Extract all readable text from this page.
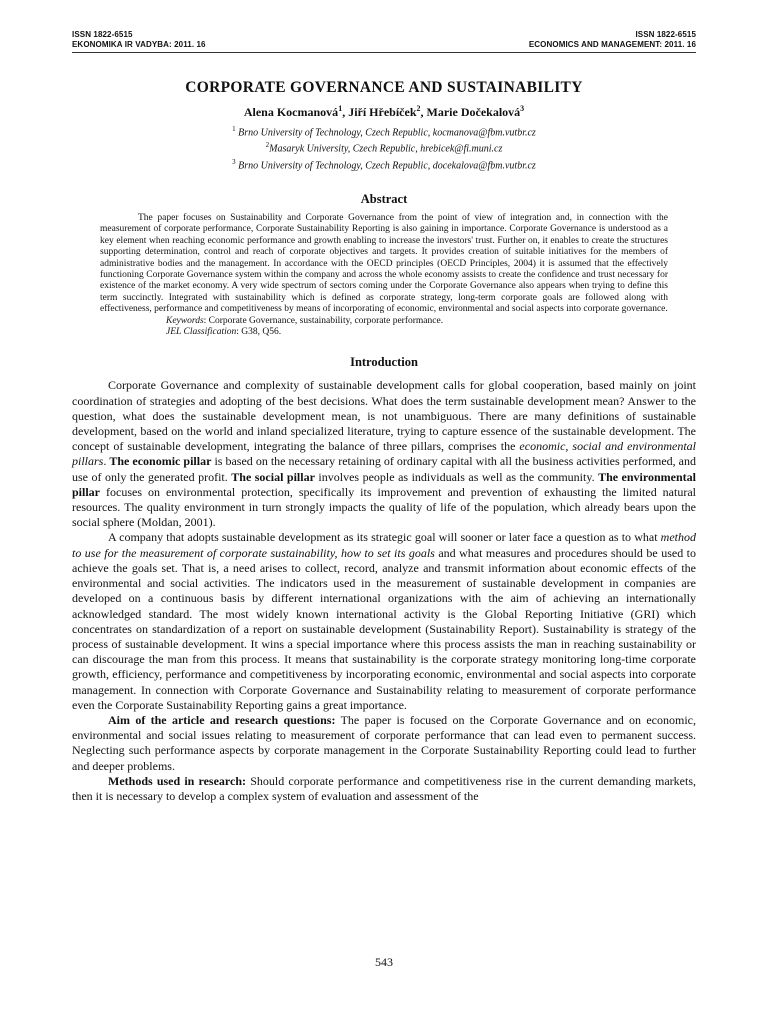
ISSN 1822-6515
EKONOMIKA IR VADYBA: 2011. 16
ISSN 1822-6515
ECONOMICS AND MANAGEMENT: 2011. 16
CORPORATE GOVERNANCE AND SUSTAINABILITY
Alena Kocmanová$^1$, Jiří Hřebíček$^2$, Marie Dočekalová$^3$
$^1$ Brno University of Technology, Czech Republic, kocmanova@fbm.vutbr.cz
$^2$Masaryk University, Czech Republic, hrebicek@fi.muni.cz
$^3$ Brno University of Technology, Czech Republic, docekalova@fbm.vutbr.cz
Abstract

The paper focuses on Sustainability and Corporate Governance from the point of view of integration and, in connection with the measurement of corporate performance, Corporate Sustainability Reporting is also gaining in importance. Corporate Governance is understood as a key element when reaching economic performance and growth enabling to increase the investors' trust. Further on, it enables to create the structures supporting determination, control and reach of corporate objectives and targets. It provides creation of suitable initiatives for the members of administrative bodies and the management. In accordance with the OECD principles (OECD Principles, 2004) it is assumed that the effectively functioning Corporate Governance system within the company and across the whole economy assists to create the confidence and trust necessary for existence of the market economy. A very wide spectrum of sectors coming under the Corporate Governance also appears when trying to define this term succinctly. Integrated with sustainability which is defined as corporate strategy, long-term corporate goals are followed along with effectiveness, performance and competitiveness by means of incorporating of economic, environmental and social aspects into corporate governance.

Keywords: Corporate Governance, sustainability, corporate performance.
JEL Classification: G38, Q56.
Introduction

Corporate Governance and complexity of sustainable development calls for global cooperation, based mainly on joint coordination of strategies and adopting of the best decisions. What does the term sustainable development mean? Answer to the question, what does the sustainable development mean, is not unambiguous. There are many definitions of sustainable development, based on the world and inland specialized literature, trying to capture essence of the sustainable development. The concept of sustainable development, integrating the balance of three pillars, comprises the economic, social and environmental pillars. The economic pillar is based on the necessary retaining of ordinary capital with all the business activities performed, and use of only the generated profit. The social pillar involves people as individuals as well as the community. The environmental pillar focuses on environmental protection, specifically its improvement and prevention of exhausting the limited natural resources. The quality environment in turn strongly impacts the quality of life of the population, which already bears upon the social sphere (Moldan, 2001).

A company that adopts sustainable development as its strategic goal will sooner or later face a question as to what method to use for the measurement of corporate sustainability, how to set its goals and what measures and procedures should be used to achieve the goals set. That is, a need arises to collect, record, analyze and transmit information about economic effects of the environmental and social activities. The indicators used in the measurement of sustainable development in companies are developed on a continuous basis by different international organizations with the aim of achieving an internationally acknowledged standard. The most widely known international activity is the Global Reporting Initiative (GRI) which concentrates on standardization of a report on sustainable development (Sustainability Report). Sustainability is strategy of the process of sustainable development. It wins a special importance where this process assists the man in reaching sustainability or can discourage the man from this process. It means that sustainability is the corporate strategy monitoring long-time corporate growth, efficiency, performance and competitiveness by incorporating economic, environmental and social aspects into corporate management. In connection with Corporate Governance and Sustainability relating to measurement of corporate performance even the Corporate Sustainability Reporting gains a great importance.

Aim of the article and research questions: The paper is focused on the Corporate Governance and on economic, environmental and social issues relating to measurement of corporate performance that can lead even to permanent success. Neglecting such performance aspects by corporate management in the Corporate Sustainability Reporting could lead to further and deeper problems.

Methods used in research: Should corporate performance and competitiveness rise in the current demanding markets, then it is necessary to develop a complex system of evaluation and assessment of the

543
